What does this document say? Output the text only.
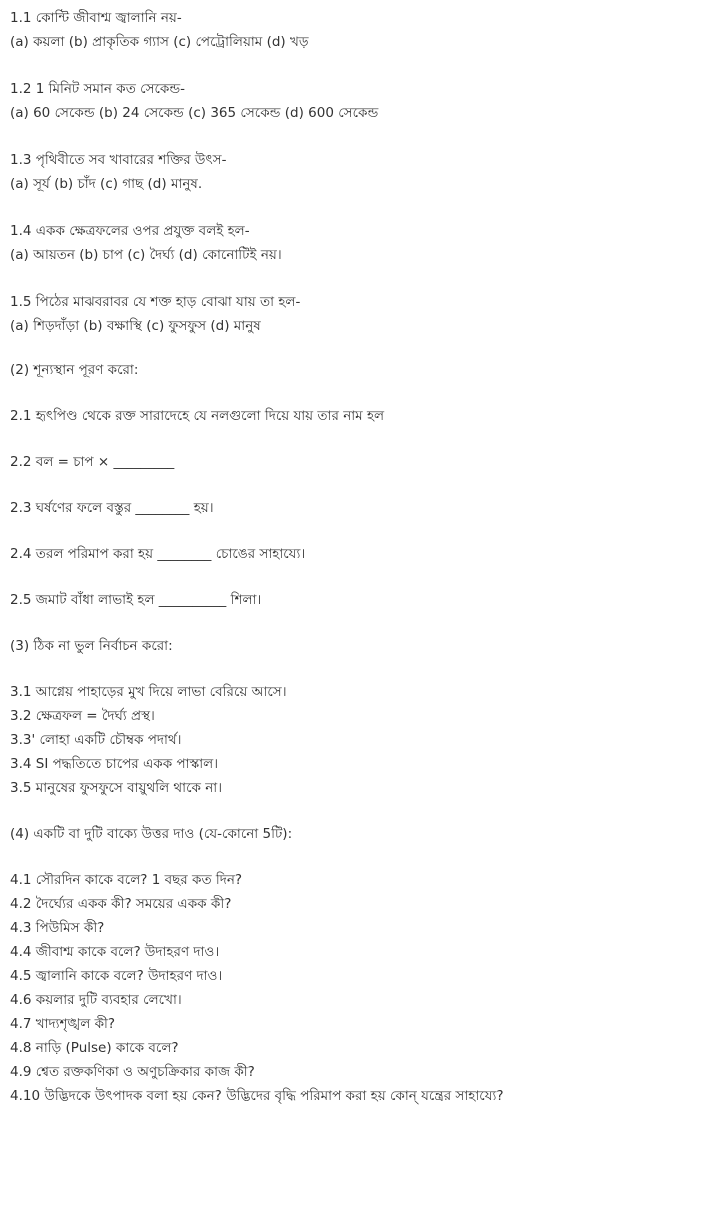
1.1 কোন্টি জীবাশ্ম জ্বালানি নয়-
(a) কয়লা (b) প্রাকৃতিক গ্যাস (c) পেট্রোলিয়াম (d) খড়
1.2 1 মিনিট সমান কত সেকেন্ড-
(a) 60 সেকেন্ড (b) 24 সেকেন্ড (c) 365 সেকেন্ড (d) 600 সেকেন্ড
1.3 পৃথিবীতে সব খাবারের শক্তির উৎস-
(a) সূর্য (b) চাঁদ (c) গাছ (d) মানুষ.
1.4 একক ক্ষেত্রফলের ওপর প্রযুক্ত বলই হল-
(a) আয়তন (b) চাপ (c) দৈর্ঘ্য (d) কোনোটিই নয়।
1.5 পিঠের মাঝবরাবর যে শক্ত হাড় বোঝা যায় তা হল-
(a) শিড়দাঁড়া (b) বক্ষাস্থি (c) ফুসফুস (d) মানুষ
(2) শূন্যস্থান পূরণ করো:
2.1 হৃৎপিণ্ড থেকে রক্ত সারাদেহে যে নলগুলো দিয়ে যায় তার নাম হল
2.2 বল = চাপ × _________
2.3 ঘর্ষণের ফলে বস্তুর ________ হয়।
2.4 তরল পরিমাপ করা হয় ________ চোঙের সাহায্যে।
2.5 জমাট বাঁধা লাভাই হল __________ শিলা।
(3) ঠিক না ভুল নির্বাচন করো:
3.1 আগ্নেয় পাহাড়ের মুখ দিয়ে লাভা বেরিয়ে আসে।
3.2 ক্ষেত্রফল = দৈর্ঘ্য প্রস্থ।
3.3' লোহা একটি চৌম্বক পদার্থ।
3.4 SI পদ্ধতিতে চাপের একক পাস্কাল।
3.5 মানুষের ফুসফুসে বায়ুথলি থাকে না।
(4) একটি বা দুটি বাক্যে উত্তর দাও (যে-কোনো 5টি):
4.1 সৌরদিন কাকে বলে? 1 বছর কত দিন?
4.2 দৈর্ঘ্যের একক কী? সময়ের একক কী?
4.3 পিউমিস কী?
4.4 জীবাশ্ম কাকে বলে? উদাহরণ দাও।
4.5 জ্বালানি কাকে বলে? উদাহরণ দাও।
4.6 কয়লার দুটি ব্যবহার লেখো।
4.7 খাদ্যশৃঙ্খল কী?
4.8 নাড়ি (Pulse) কাকে বলে?
4.9 শ্বেত রক্তকণিকা ও অণুচক্রিকার কাজ কী?
4.10 উদ্ভিদকে উৎপাদক বলা হয় কেন? উদ্ভিদের বৃদ্ধি পরিমাপ করা হয় কোন্ যন্ত্রের সাহায্যে?
